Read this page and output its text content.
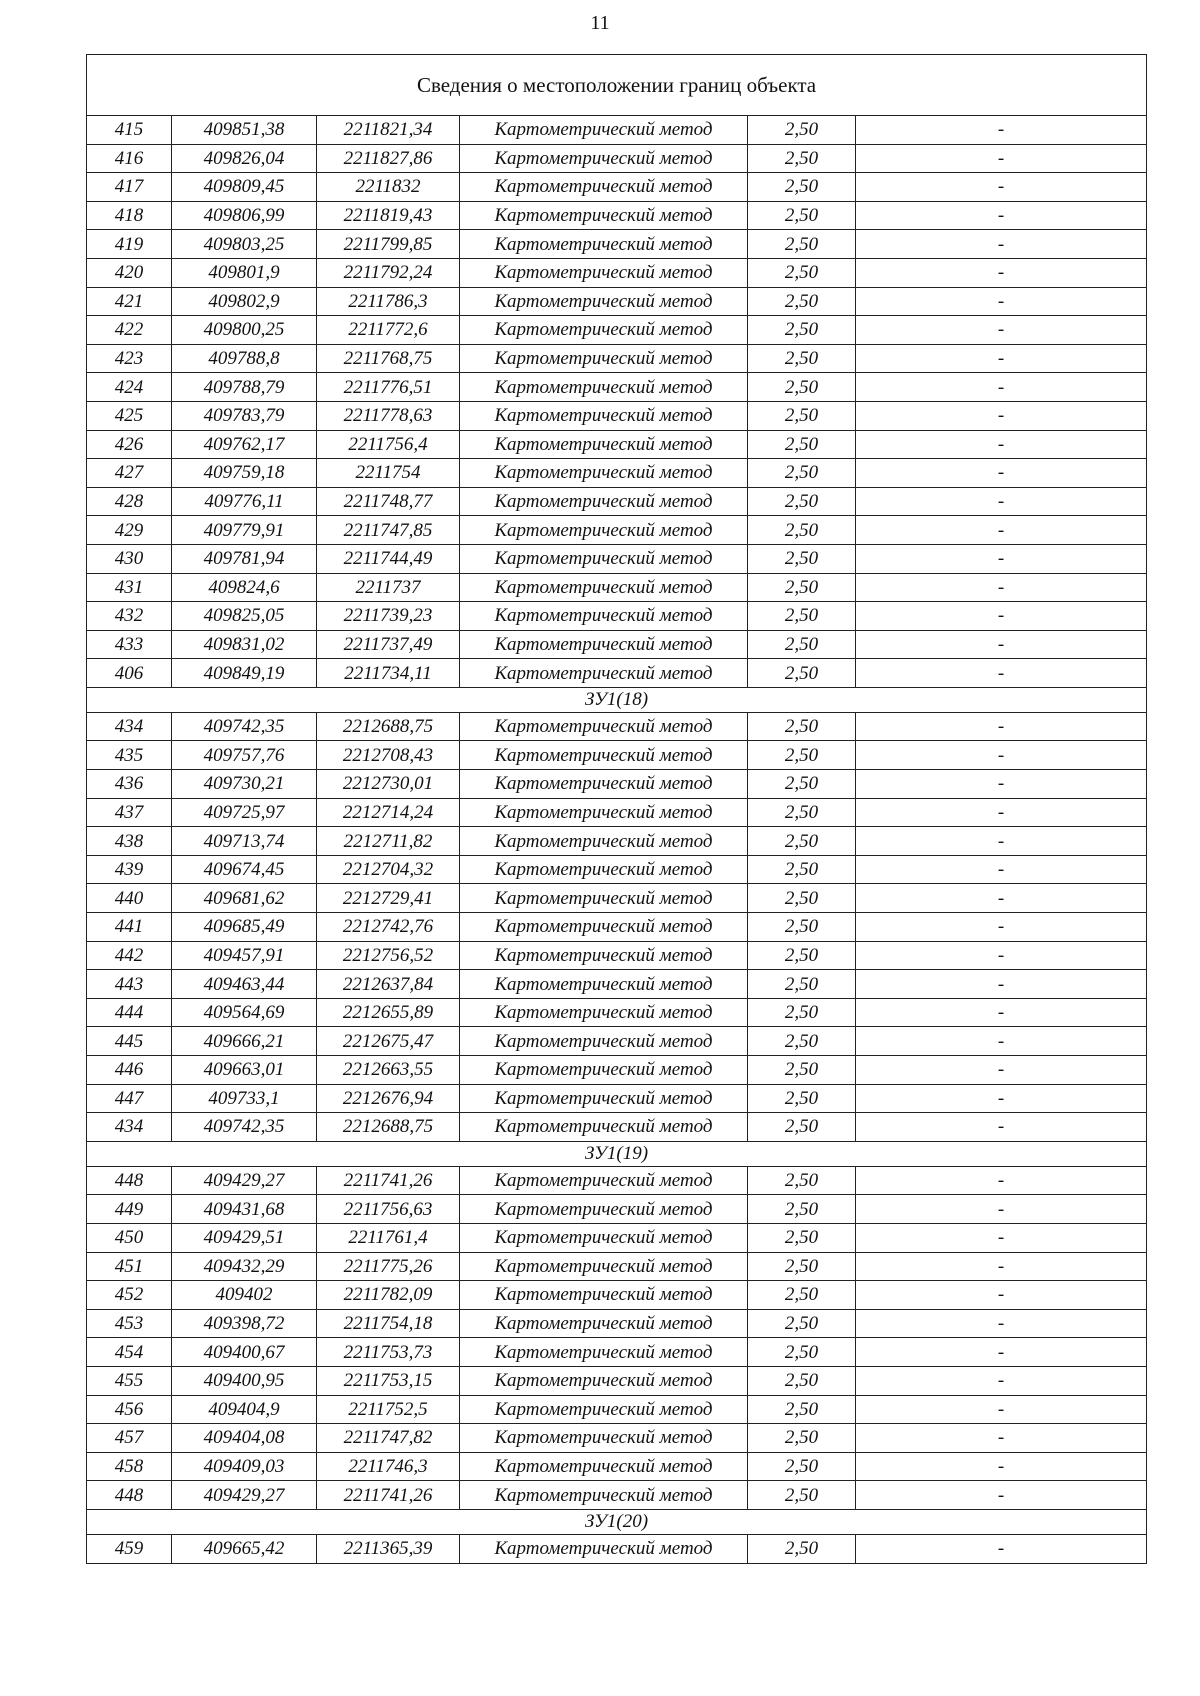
11
Сведения о местоположении границ объекта					
415	409851,38	2211821,34	Картометрический метод	2,50	-
416	409826,04	2211827,86	Картометрический метод	2,50	-
417	409809,45	2211832	Картометрический метод	2,50	-
418	409806,99	2211819,43	Картометрический метод	2,50	-
419	409803,25	2211799,85	Картометрический метод	2,50	-
420	409801,9	2211792,24	Картометрический метод	2,50	-
421	409802,9	2211786,3	Картометрический метод	2,50	-
422	409800,25	2211772,6	Картометрический метод	2,50	-
423	409788,8	2211768,75	Картометрический метод	2,50	-
424	409788,79	2211776,51	Картометрический метод	2,50	-
425	409783,79	2211778,63	Картометрический метод	2,50	-
426	409762,17	2211756,4	Картометрический метод	2,50	-
427	409759,18	2211754	Картометрический метод	2,50	-
428	409776,11	2211748,77	Картометрический метод	2,50	-
429	409779,91	2211747,85	Картометрический метод	2,50	-
430	409781,94	2211744,49	Картометрический метод	2,50	-
431	409824,6	2211737	Картометрический метод	2,50	-
432	409825,05	2211739,23	Картометрический метод	2,50	-
433	409831,02	2211737,49	Картометрический метод	2,50	-
406	409849,19	2211734,11	Картометрический метод	2,50	-
ЗУ1(18)					
434	409742,35	2212688,75	Картометрический метод	2,50	-
435	409757,76	2212708,43	Картометрический метод	2,50	-
436	409730,21	2212730,01	Картометрический метод	2,50	-
437	409725,97	2212714,24	Картометрический метод	2,50	-
438	409713,74	2212711,82	Картометрический метод	2,50	-
439	409674,45	2212704,32	Картометрический метод	2,50	-
440	409681,62	2212729,41	Картометрический метод	2,50	-
441	409685,49	2212742,76	Картометрический метод	2,50	-
442	409457,91	2212756,52	Картометрический метод	2,50	-
443	409463,44	2212637,84	Картометрический метод	2,50	-
444	409564,69	2212655,89	Картометрический метод	2,50	-
445	409666,21	2212675,47	Картометрический метод	2,50	-
446	409663,01	2212663,55	Картометрический метод	2,50	-
447	409733,1	2212676,94	Картометрический метод	2,50	-
434	409742,35	2212688,75	Картометрический метод	2,50	-
ЗУ1(19)					
448	409429,27	2211741,26	Картометрический метод	2,50	-
449	409431,68	2211756,63	Картометрический метод	2,50	-
450	409429,51	2211761,4	Картометрический метод	2,50	-
451	409432,29	2211775,26	Картометрический метод	2,50	-
452	409402	2211782,09	Картометрический метод	2,50	-
453	409398,72	2211754,18	Картометрический метод	2,50	-
454	409400,67	2211753,73	Картометрический метод	2,50	-
455	409400,95	2211753,15	Картометрический метод	2,50	-
456	409404,9	2211752,5	Картометрический метод	2,50	-
457	409404,08	2211747,82	Картометрический метод	2,50	-
458	409409,03	2211746,3	Картометрический метод	2,50	-
448	409429,27	2211741,26	Картометрический метод	2,50	-
ЗУ1(20)					
459	409665,42	2211365,39	Картометрический метод	2,50	-
